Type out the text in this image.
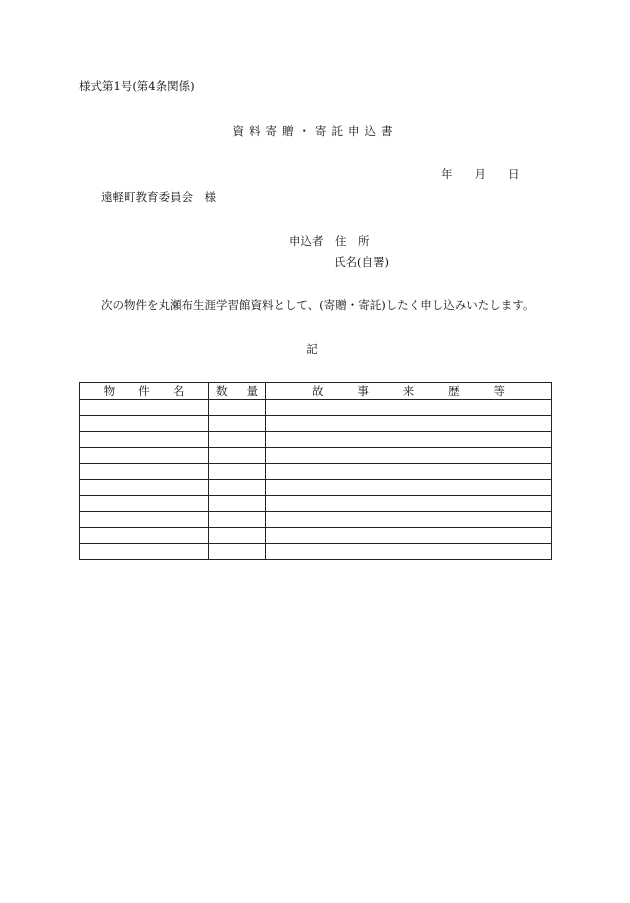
様式第1号(第4条関係)
資料寄贈・寄託申込書
年 月 日
遠軽町教育委員会　様
申込者　住　所
氏名(自署)
次の物件を丸瀬布生涯学習館資料として、(寄贈・寄託)したく申し込みいたします。
記
物 件 名	数 量	故 事 来 歴 等
